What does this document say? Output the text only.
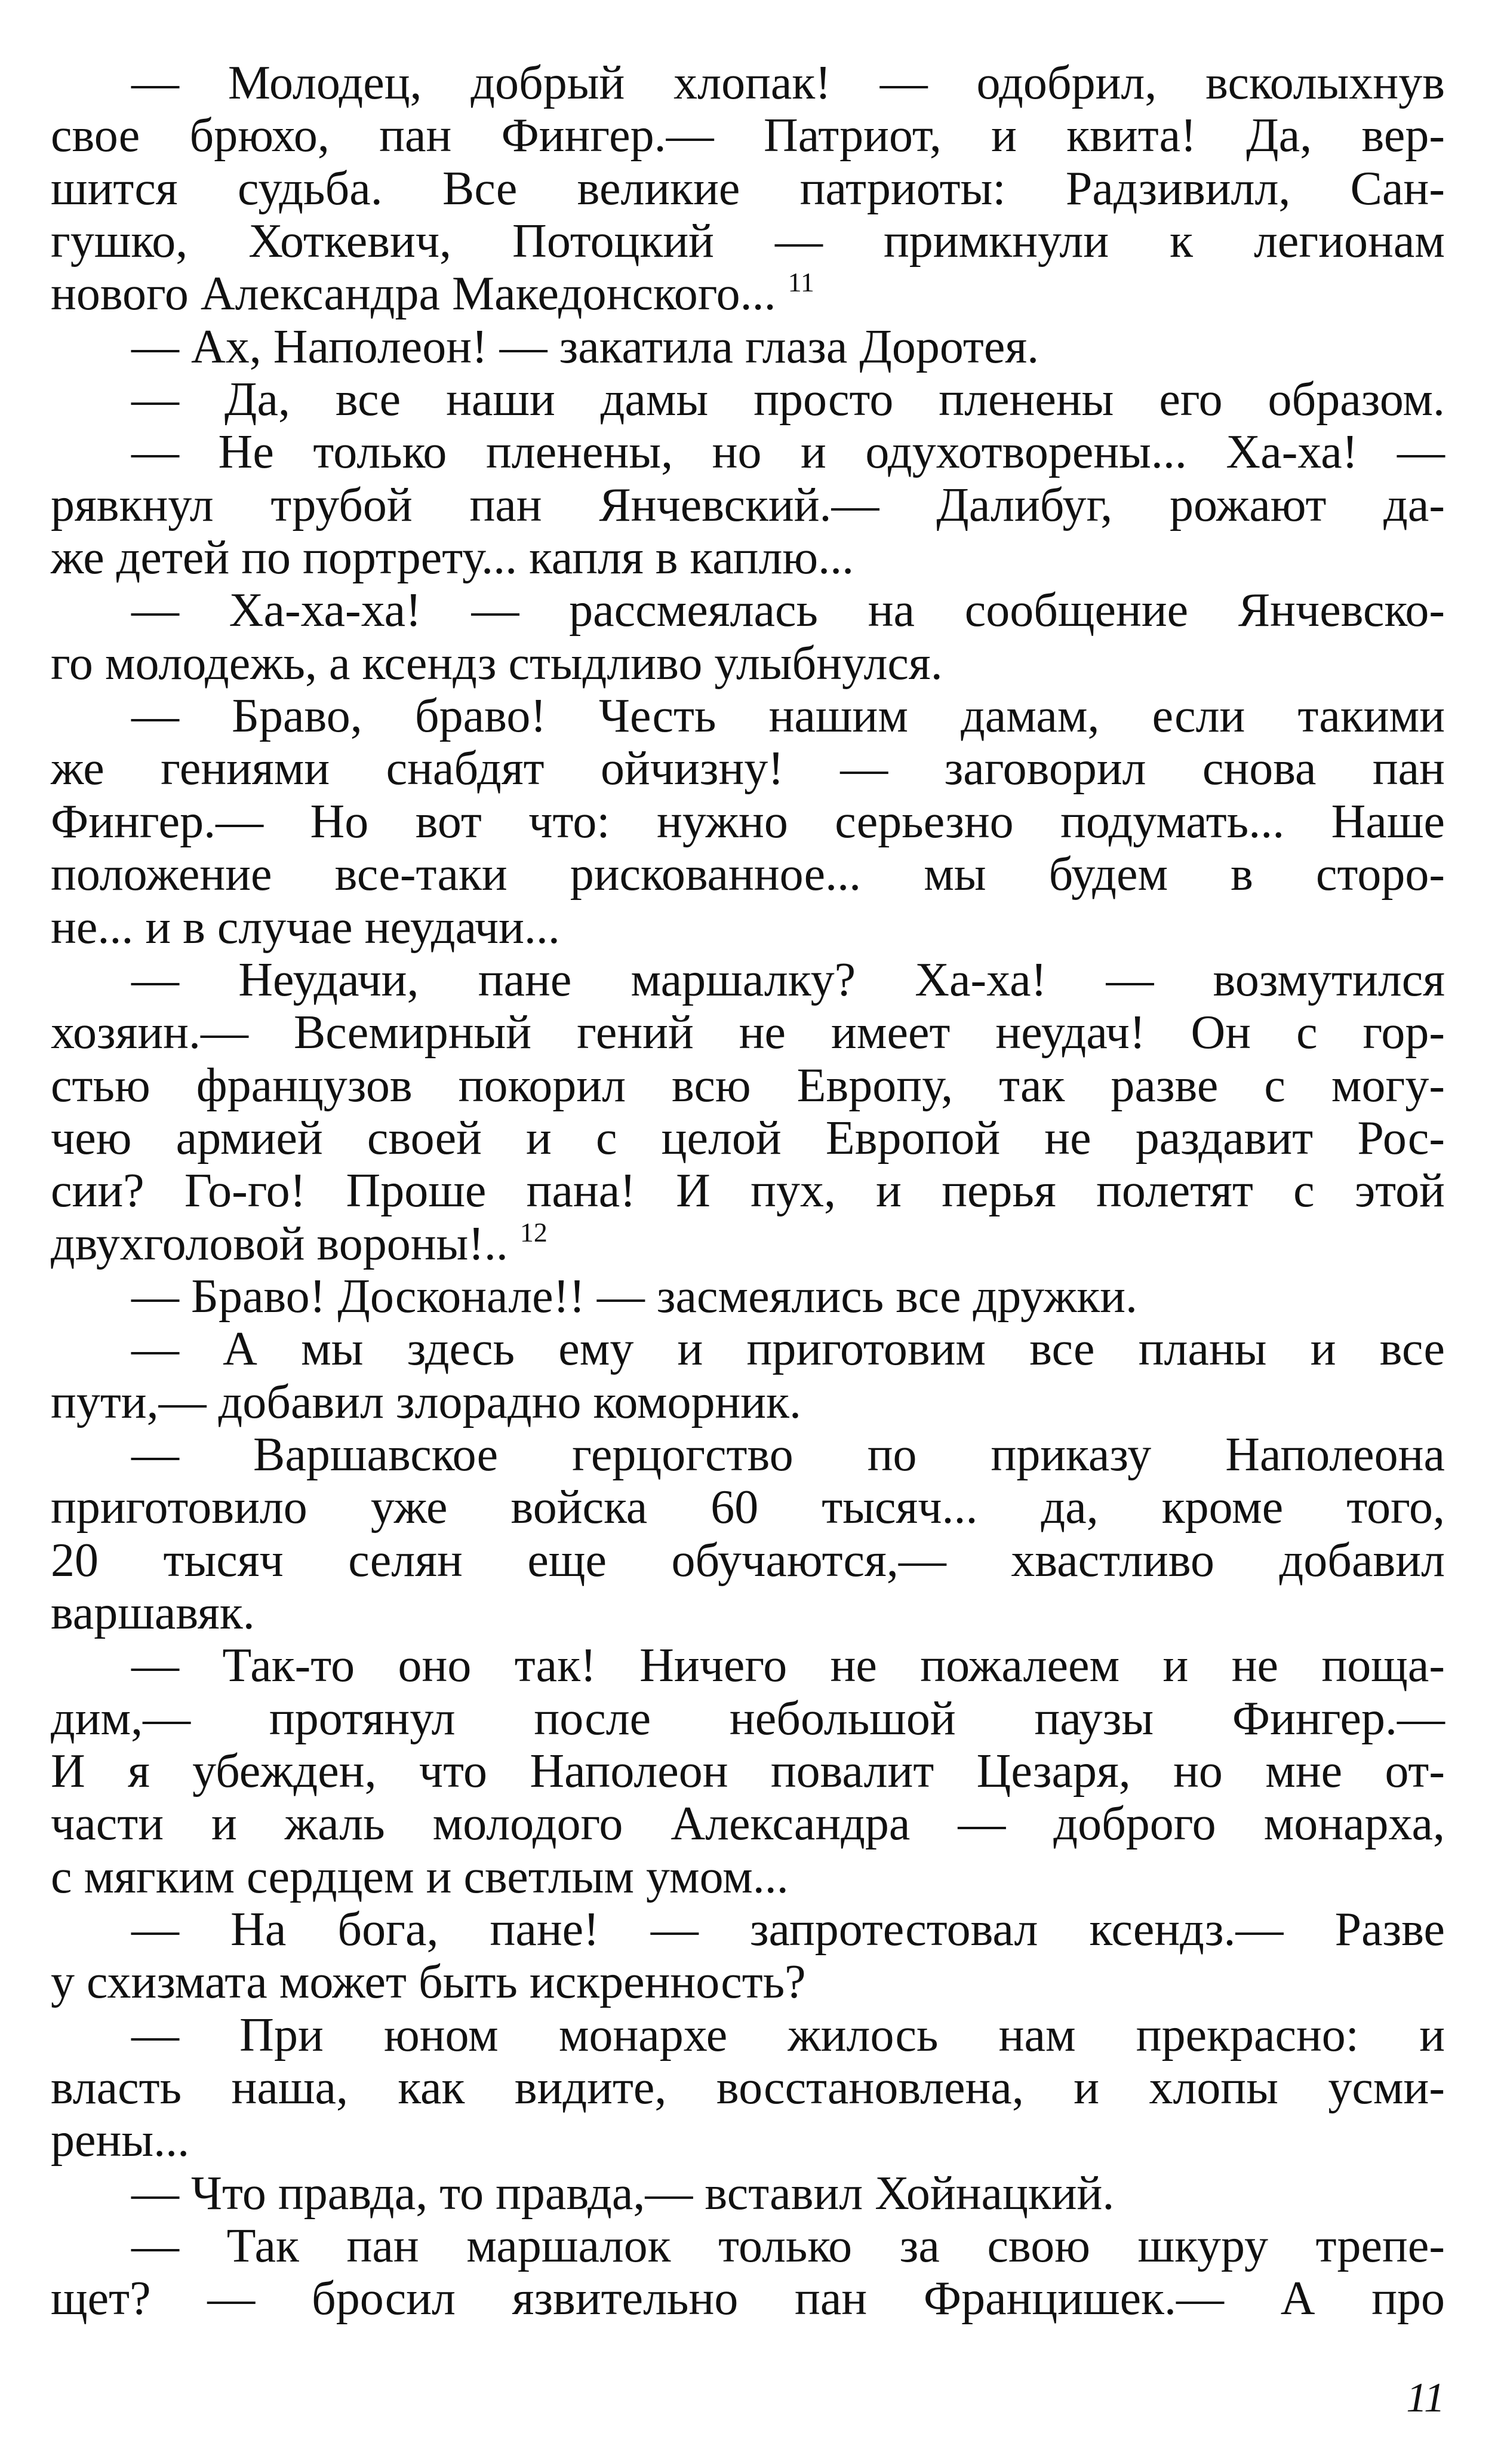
— Молодец, добрый хлопак! — одобрил, всколыхнув
свое брюхо, пан Фингер.— Патриот, и квита! Да, вер-
шится судьба. Все великие патриоты: Радзивилл, Сан-
гушко, Хоткевич, Потоцкий — примкнули к легионам
нового Александра Македонского... $^{11}$
— Ах, Наполеон! — закатила глаза Доротея.
— Да, все наши дамы просто пленены его образом.
— Не только пленены, но и одухотворены... Ха-ха! —
рявкнул трубой пан Янчевский.— Далибуг, рожают да-
же детей по портрету... капля в каплю...
— Ха-ха-ха! — рассмеялась на сообщение Янчевско-
го молодежь, а ксендз стыдливо улыбнулся.
— Браво, браво! Честь нашим дамам, если такими
же гениями снабдят ойчизну! — заговорил снова пан
Фингер.— Но вот что: нужно серьезно подумать... Наше
положение все-таки рискованное... мы будем в сторо-
не... и в случае неудачи...
— Неудачи, пане маршалку? Ха-ха! — возмутился
хозяин.— Всемирный гений не имеет неудач! Он с гор-
стью французов покорил всю Европу, так разве с могу-
чею армией своей и с целой Европой не раздавит Рос-
сии? Го-го! Проше пана! И пух, и перья полетят с этой
двухголовой вороны!.. $^{12}$
— Браво! Досконале!! — засмеялись все дружки.
— А мы здесь ему и приготовим все планы и все
пути,— добавил злорадно коморник.
— Варшавское герцогство по приказу Наполеона
приготовило уже войска 60 тысяч... да, кроме того,
20 тысяч селян еще обучаются,— хвастливо добавил
варшавяк.
— Так-то оно так! Ничего не пожалеем и не поща-
дим,— протянул после небольшой паузы Фингер.—
И я убежден, что Наполеон повалит Цезаря, но мне от-
части и жаль молодого Александра — доброго монарха,
с мягким сердцем и светлым умом...
— На бога, пане! — запротестовал ксендз.— Разве
у схизмата может быть искренность?
— При юном монархе жилось нам прекрасно: и
власть наша, как видите, восстановлена, и хлопы усми-
рены...
— Что правда, то правда,— вставил Хойнацкий.
— Так пан маршалок только за свою шкуру трепе-
щет? — бросил язвительно пан Францишек.— А про
11
